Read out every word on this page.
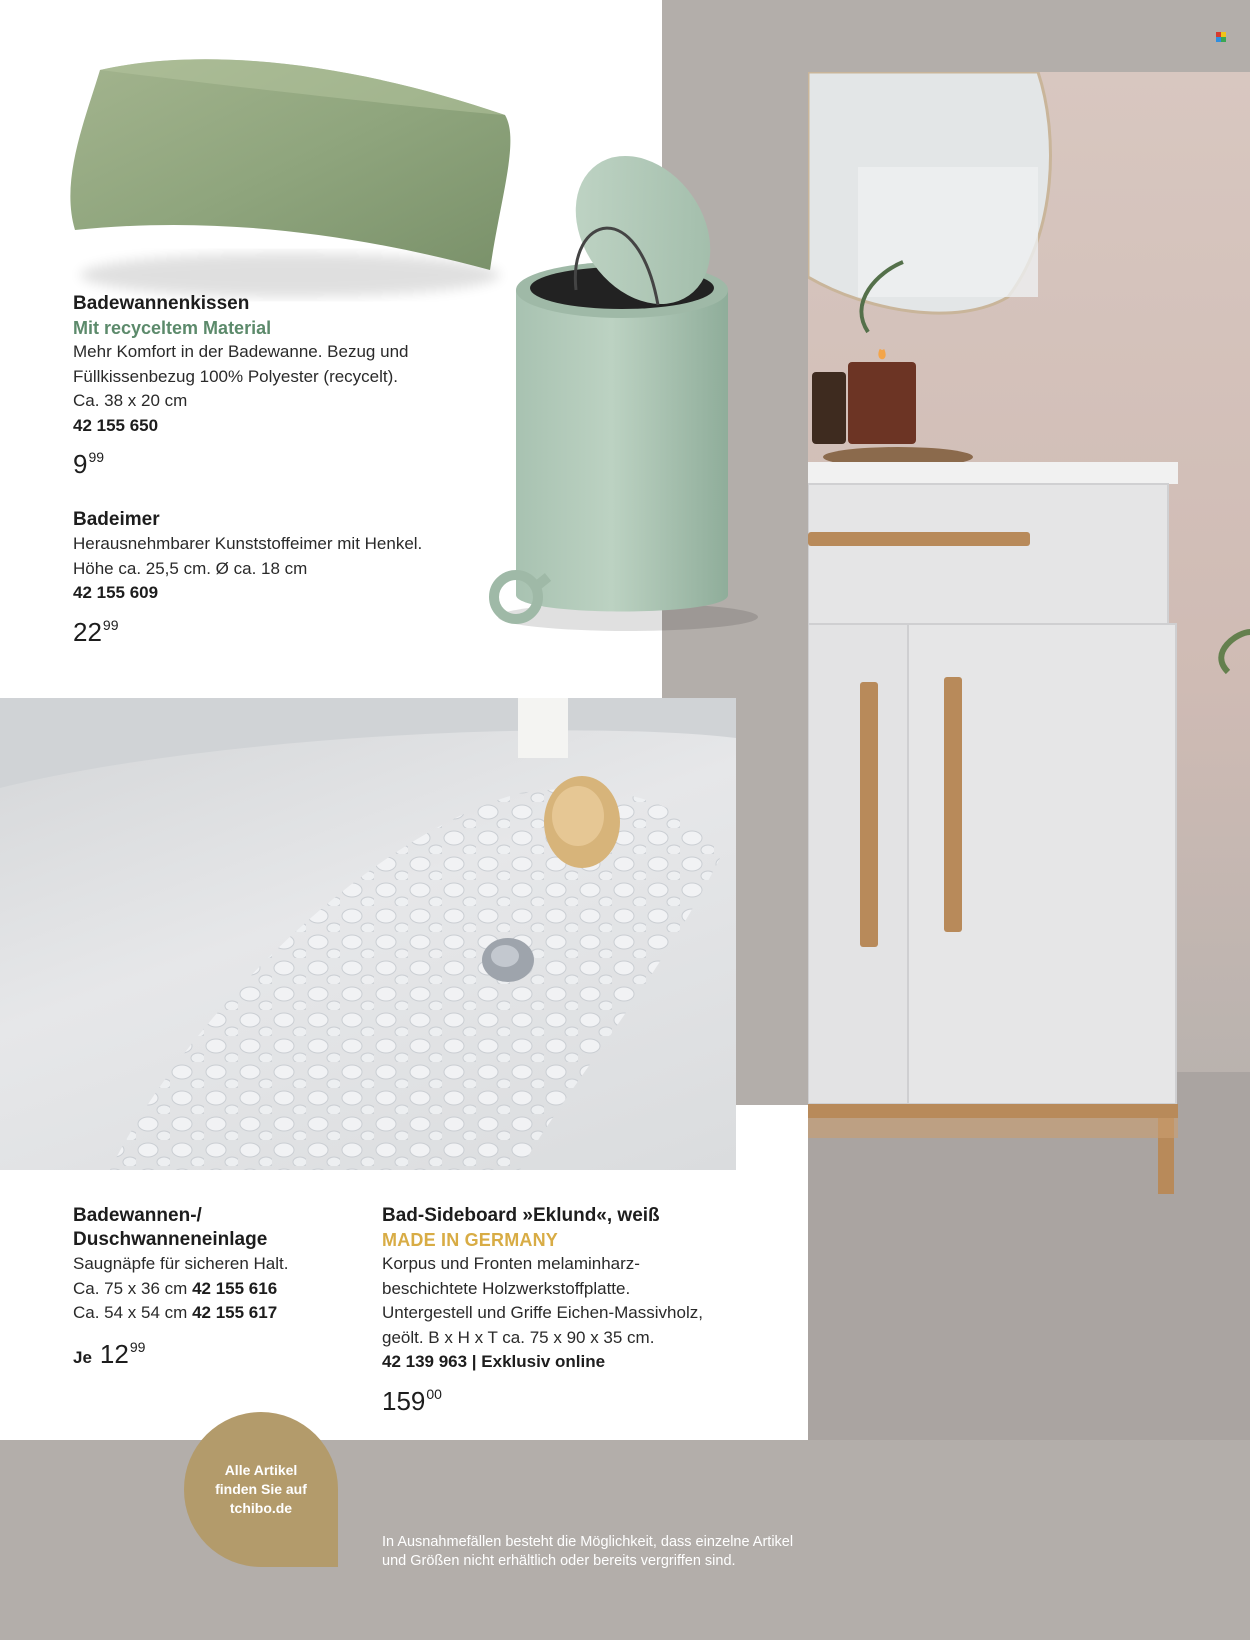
Badewannenkissen
Mit recyceltem Material
Mehr Komfort in der Badewanne. Bezug und
Füllkissenbezug 100% Polyester (recycelt).
Ca. 38 x 20 cm
42 155 650
$9^{99}$
Badeimer
Herausnehmbarer Kunststoffeimer mit Henkel.
Höhe ca. 25,5 cm. Ø ca. 18 cm
42 155 609
$22^{99}$
Badewannen-/
Duschwanneneinlage
Saugnäpfe für sicheren Halt.
Ca. 75 x 36 cm 42 155 616
Ca. 54 x 54 cm 42 155 617
Je $12^{99}$
Bad-Sideboard »Eklund«, weiß
MADE IN GERMANY
Korpus und Fronten melaminharz-
beschichtete Holzwerkstoffplatte.
Untergestell und Griffe Eichen-Massivholz,
geölt. B x H x T ca. 75 x 90 x 35 cm.
42 139 963 | Exklusiv online
$159^{00}$
Alle Artikel
finden Sie auf
tchibo.de
In Ausnahmefällen besteht die Möglichkeit, dass einzelne Artikel
und Größen nicht erhältlich oder bereits vergriffen sind.
